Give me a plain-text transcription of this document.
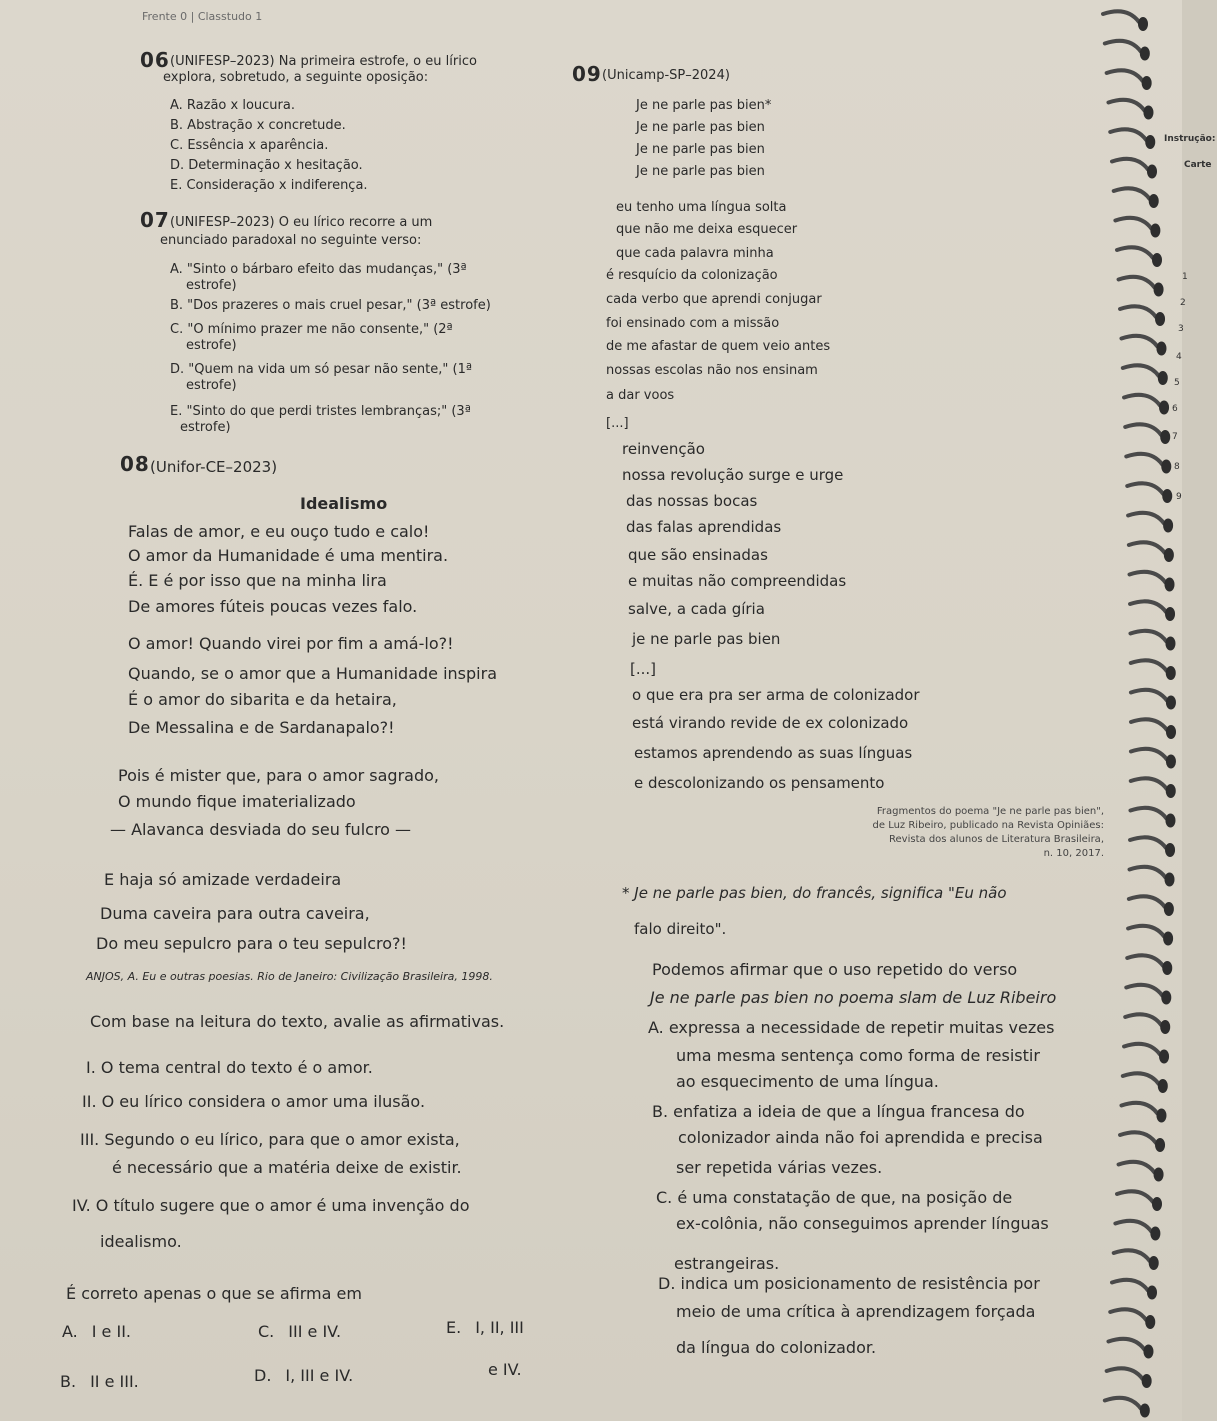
Frente 0 | Classtudo 1
06 (UNIFESP–2023) Na primeira estrofe, o eu lírico
explora, sobretudo, a seguinte oposição:
A. Razão x loucura.
B. Abstração x concretude.
C. Essência x aparência.
D. Determinação x hesitação.
E. Consideração x indiferença.
07 (UNIFESP–2023) O eu lírico recorre a um
enunciado paradoxal no seguinte verso:
A. "Sinto o bárbaro efeito das mudanças," (3ª
estrofe)
B. "Dos prazeres o mais cruel pesar," (3ª estrofe)
C. "O mínimo prazer me não consente," (2ª
estrofe)
D. "Quem na vida um só pesar não sente," (1ª
estrofe)
E. "Sinto do que perdi tristes lembranças;" (3ª
estrofe)
08 (Unifor-CE–2023)
Idealismo
Falas de amor, e eu ouço tudo e calo!
O amor da Humanidade é uma mentira.
É. E é por isso que na minha lira
De amores fúteis poucas vezes falo.
O amor! Quando virei por fim a amá-lo?!
Quando, se o amor que a Humanidade inspira
É o amor do sibarita e da hetaira,
De Messalina e de Sardanapalo?!
Pois é mister que, para o amor sagrado,
O mundo fique imaterializado
— Alavanca desviada do seu fulcro —
E haja só amizade verdadeira
Duma caveira para outra caveira,
Do meu sepulcro para o teu sepulcro?!
ANJOS, A. Eu e outras poesias. Rio de Janeiro: Civilização Brasileira, 1998.
Com base na leitura do texto, avalie as afirmativas.
I. O tema central do texto é o amor.
II. O eu lírico considera o amor uma ilusão.
III. Segundo o eu lírico, para que o amor exista,
é necessário que a matéria deixe de existir.
IV. O título sugere que o amor é uma invenção do
idealismo.
É correto apenas o que se afirma em
A. I e II.	C. III e IV.	E. I, II, III
B. II e III.	D. I, III e IV.	e IV.
09 (Unicamp-SP–2024)
Je ne parle pas bien*
Je ne parle pas bien
Je ne parle pas bien
Je ne parle pas bien
eu tenho uma língua solta
que não me deixa esquecer
que cada palavra minha
é resquício da colonização
cada verbo que aprendi conjugar
foi ensinado com a missão
de me afastar de quem veio antes
nossas escolas não nos ensinam
a dar voos
[...]
reinvenção
nossa revolução surge e urge
das nossas bocas
das falas aprendidas
que são ensinadas
e muitas não compreendidas
salve, a cada gíria
je ne parle pas bien
[...]
o que era pra ser arma de colonizador
está virando revide de ex colonizado
estamos aprendendo as suas línguas
e descolonizando os pensamento
Fragmentos do poema "Je ne parle pas bien",
de Luz Ribeiro, publicado na Revista Opiniães:
Revista dos alunos de Literatura Brasileira,
n. 10, 2017.
* Je ne parle pas bien, do francês, significa "Eu não
falo direito".
Podemos afirmar que o uso repetido do verso
Je ne parle pas bien no poema slam de Luz Ribeiro
A. expressa a necessidade de repetir muitas vezes
uma mesma sentença como forma de resistir
ao esquecimento de uma língua.
B. enfatiza a ideia de que a língua francesa do
colonizador ainda não foi aprendida e precisa
ser repetida várias vezes.
C. é uma constatação de que, na posição de
ex-colônia, não conseguimos aprender línguas
estrangeiras.
D. indica um posicionamento de resistência por
meio de uma crítica à aprendizagem forçada
da língua do colonizador.
Instrução:
Carte
1
2
3
4
5
6
7
8
9
